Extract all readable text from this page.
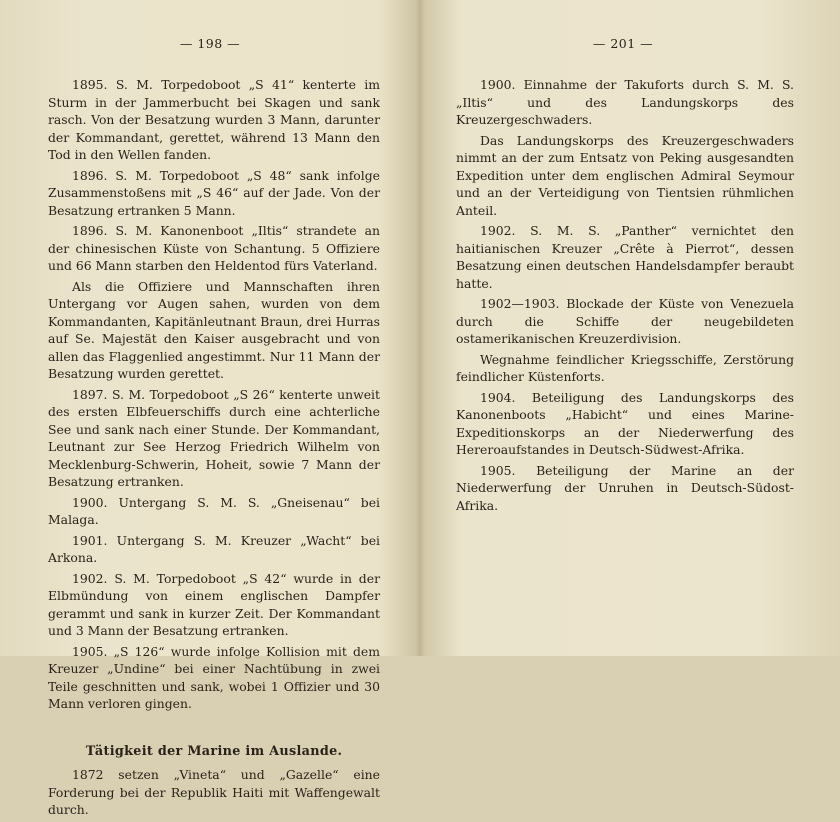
— 198 —

1895. S. M. Torpedoboot „S 41“ kenterte im Sturm in der Jammerbucht bei Skagen und sank rasch. Von der Besatzung wurden 3 Mann, darunter der Kommandant, gerettet, während 13 Mann den Tod in den Wellen fanden.

1896. S. M. Torpedoboot „S 48“ sank infolge Zusammenstoßens mit „S 46“ auf der Jade. Von der Besatzung ertranken 5 Mann.

1896. S. M. Kanonenboot „Iltis“ strandete an der chinesischen Küste von Schantung. 5 Offiziere und 66 Mann starben den Heldentod fürs Vaterland.

Als die Offiziere und Mannschaften ihren Untergang vor Augen sahen, wurden von dem Kommandanten, Kapitänleutnant Braun, drei Hurras auf Se. Majestät den Kaiser ausgebracht und von allen das Flaggenlied angestimmt. Nur 11 Mann der Besatzung wurden gerettet.

1897. S. M. Torpedoboot „S 26“ kenterte unweit des ersten Elbfeuerschiffs durch eine achterliche See und sank nach einer Stunde. Der Kommandant, Leutnant zur See Herzog Friedrich Wilhelm von Mecklenburg-Schwerin, Hoheit, sowie 7 Mann der Besatzung ertranken.

1900. Untergang S. M. S. „Gneisenau“ bei Malaga.

1901. Untergang S. M. Kreuzer „Wacht“ bei Arkona.

1902. S. M. Torpedoboot „S 42“ wurde in der Elbmündung von einem englischen Dampfer gerammt und sank in kurzer Zeit. Der Kommandant und 3 Mann der Besatzung ertranken.

1905. „S 126“ wurde infolge Kollision mit dem Kreuzer „Undine“ bei einer Nachtübung in zwei Teile geschnitten und sank, wobei 1 Offizier und 30 Mann verloren gingen.

Tätigkeit der Marine im Auslande.

1872 setzen „Vineta“ und „Gazelle“ eine Forderung bei der Republik Haiti mit Waffengewalt durch.

— 201 —

1900. Einnahme der Takuforts durch S. M. S. „Iltis“ und des Landungskorps des Kreuzergeschwaders.

Das Landungskorps des Kreuzergeschwaders nimmt an der zum Entsatz von Peking ausgesandten Expedition unter dem englischen Admiral Seymour und an der Verteidigung von Tientsien rühmlichen Anteil.

1902. S. M. S. „Panther“ vernichtet den haitianischen Kreuzer „Crête à Pierrot“, dessen Besatzung einen deutschen Handelsdampfer beraubt hatte.

1902—1903. Blockade der Küste von Venezuela durch die Schiffe der neugebildeten ostamerikanischen Kreuzerdivision.

Wegnahme feindlicher Kriegsschiffe, Zerstörung feindlicher Küstenforts.

1904. Beteiligung des Landungskorps des Kanonenboots „Habicht“ und eines Marine-Expeditionskorps an der Niederwerfung des Hereroaufstandes in Deutsch-Südwest-Afrika.

1905. Beteiligung der Marine an der Niederwerfung der Unruhen in Deutsch-Südost-Afrika.
